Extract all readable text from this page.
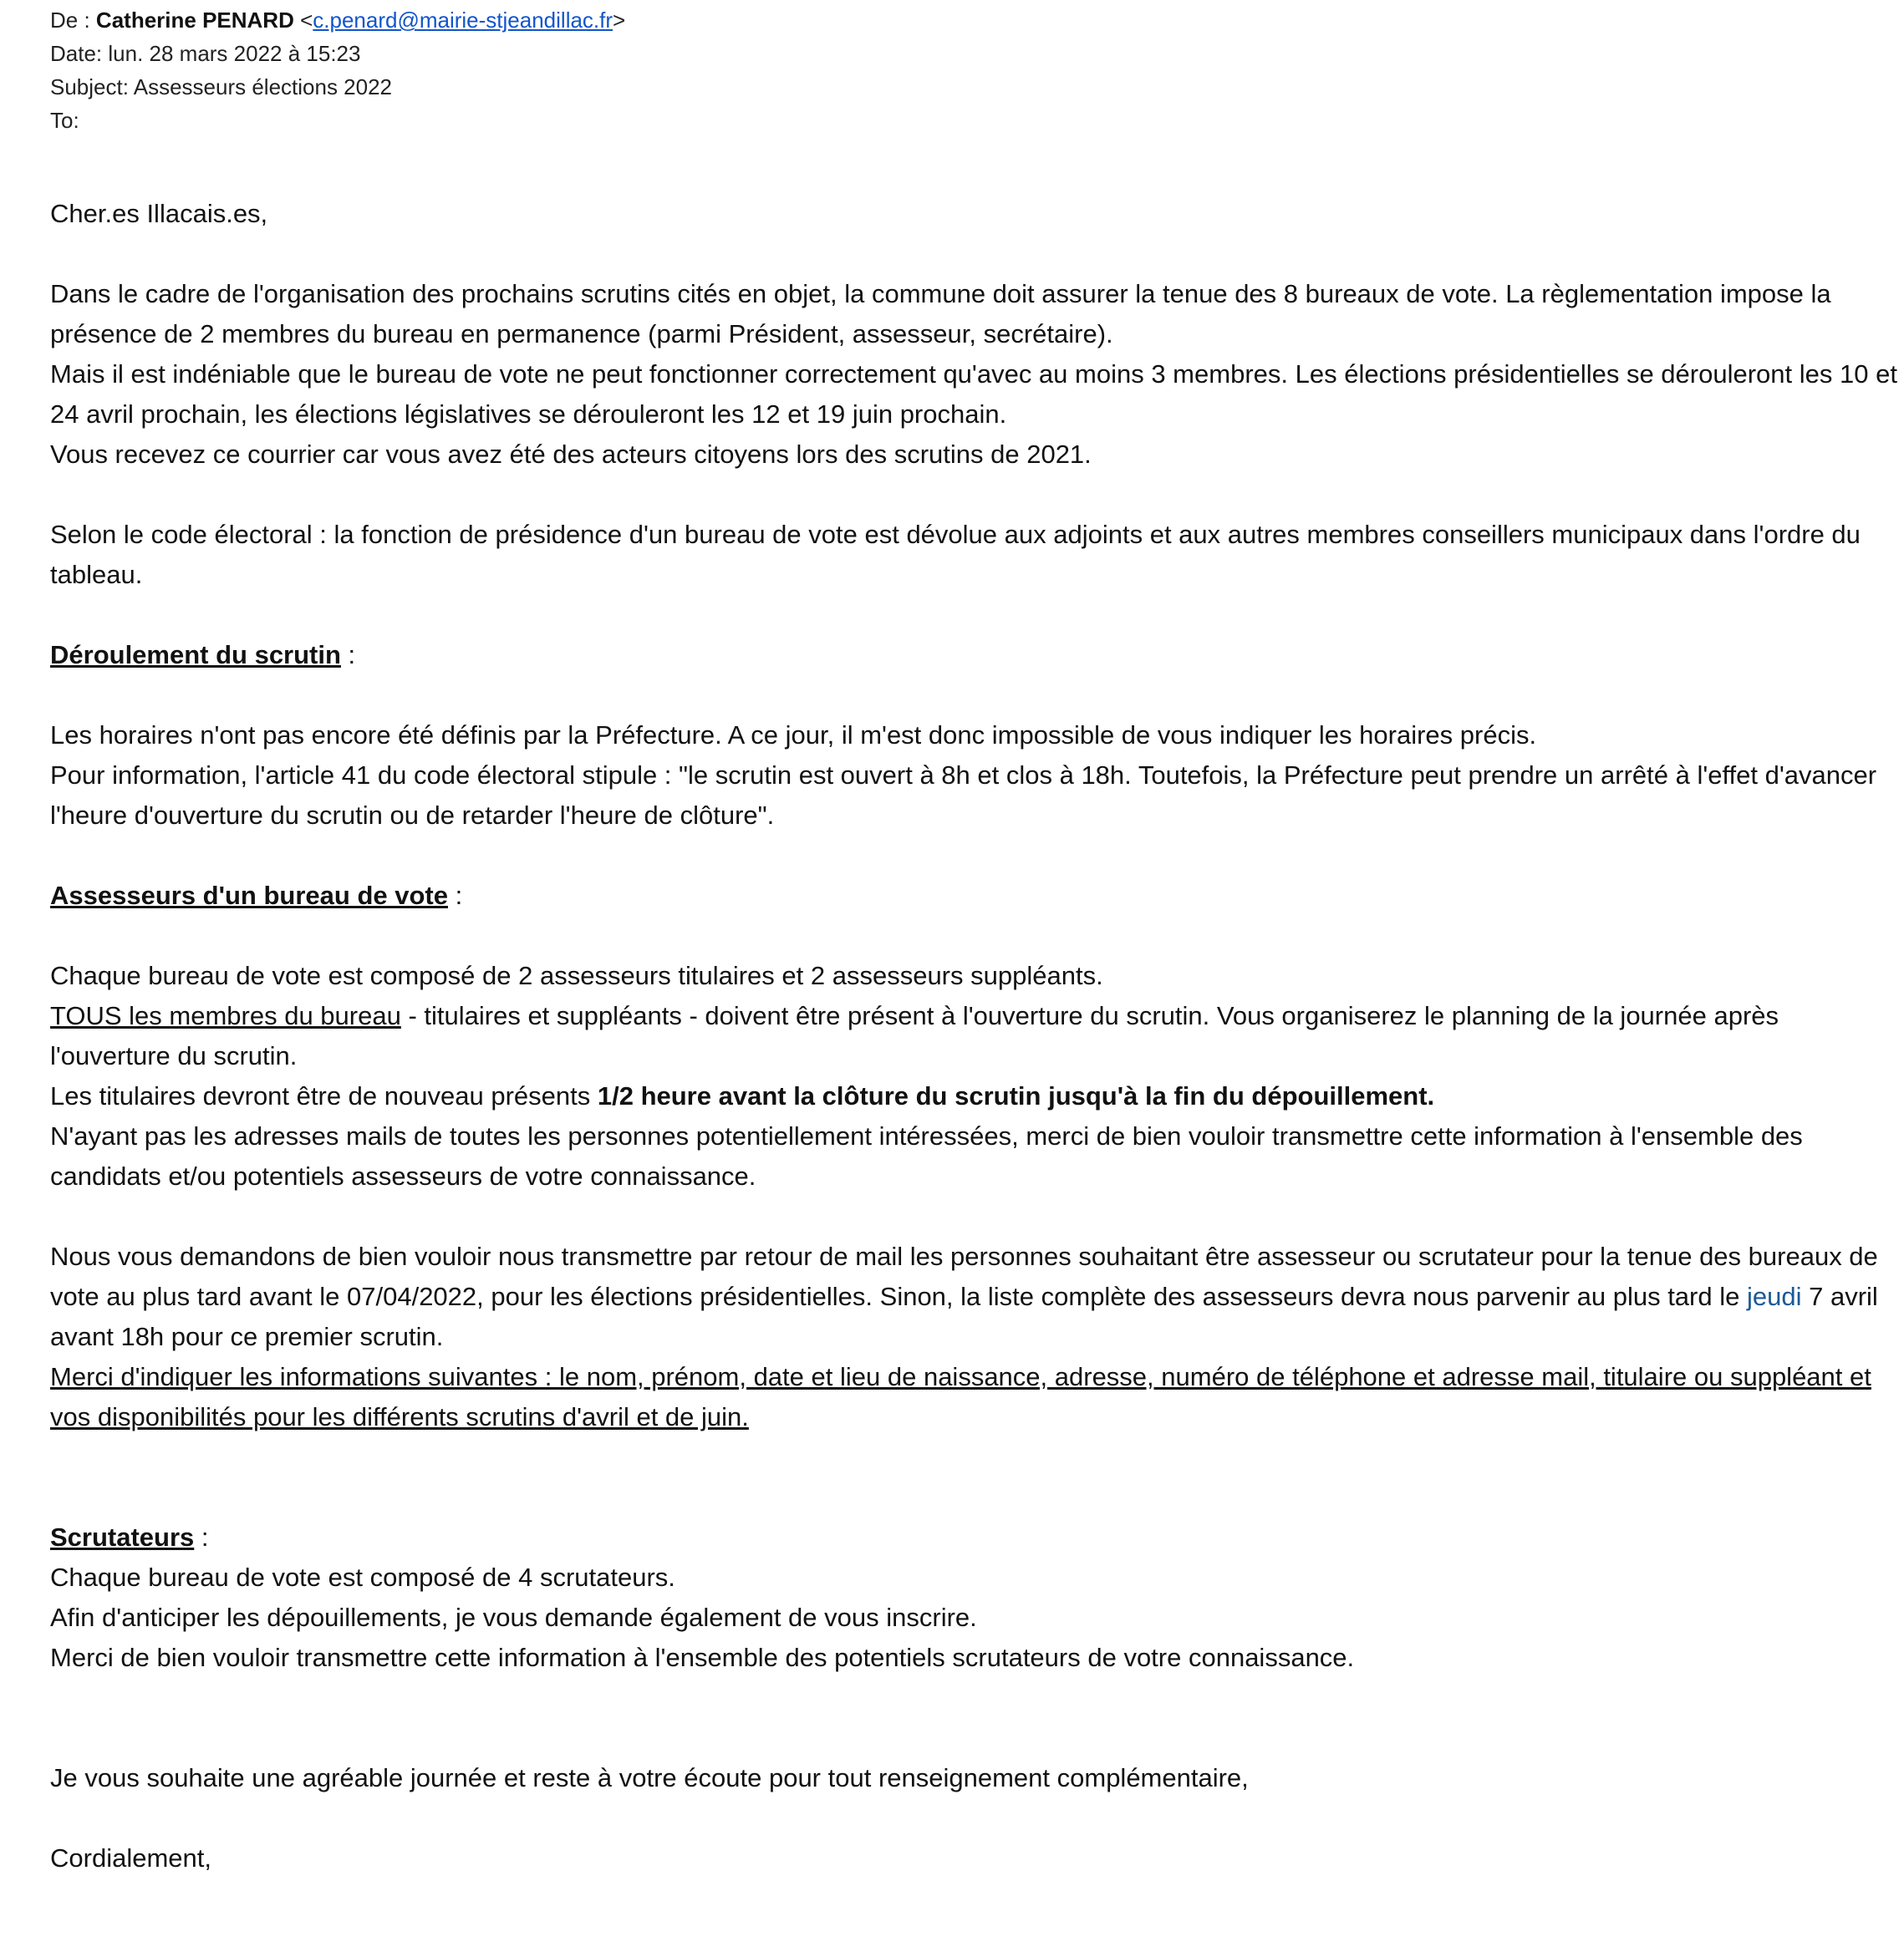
De : Catherine PENARD <c.penard@mairie-stjeandillac.fr>
Date: lun. 28 mars 2022 à 15:23
Subject: Assesseurs élections 2022
To:

Cher.es Illacais.es,

Dans le cadre de l'organisation des prochains scrutins cités en objet, la commune doit assurer la tenue des 8 bureaux de vote. La règlementation impose la présence de 2 membres du bureau en permanence (parmi Président, assesseur, secrétaire).

Mais il est indéniable que le bureau de vote ne peut fonctionner correctement qu'avec au moins 3 membres. Les élections présidentielles se dérouleront les 10 et 24 avril prochain, les élections législatives se dérouleront les 12 et 19 juin prochain.

Vous recevez ce courrier car vous avez été des acteurs citoyens lors des scrutins de 2021.

Selon le code électoral : la fonction de présidence d'un bureau de vote est dévolue aux adjoints et aux autres membres conseillers municipaux dans l'ordre du tableau.

Déroulement du scrutin :

Les horaires n'ont pas encore été définis par la Préfecture. A ce jour, il m'est donc impossible de vous indiquer les horaires précis.

Pour information, l'article 41 du code électoral stipule : "le scrutin est ouvert à 8h et clos à 18h. Toutefois, la Préfecture peut prendre un arrêté à l'effet d'avancer l'heure d'ouverture du scrutin ou de retarder l'heure de clôture".

Assesseurs d'un bureau de vote :

Chaque bureau de vote est composé de 2 assesseurs titulaires et 2 assesseurs suppléants.

TOUS les membres du bureau - titulaires et suppléants - doivent être présent à l'ouverture du scrutin. Vous organiserez le planning de la journée après l'ouverture du scrutin.

Les titulaires devront être de nouveau présents 1/2 heure avant la clôture du scrutin jusqu'à la fin du dépouillement.

N'ayant pas les adresses mails de toutes les personnes potentiellement intéressées, merci de bien vouloir transmettre cette information à l'ensemble des candidats et/ou potentiels assesseurs de votre connaissance.

Nous vous demandons de bien vouloir nous transmettre par retour de mail les personnes souhaitant être assesseur ou scrutateur pour la tenue des bureaux de vote au plus tard avant le 07/04/2022, pour les élections présidentielles. Sinon, la liste complète des assesseurs devra nous parvenir au plus tard le jeudi 7 avril avant 18h pour ce premier scrutin.

Merci d'indiquer les informations suivantes : le nom, prénom, date et lieu de naissance, adresse, numéro de téléphone et adresse mail, titulaire ou suppléant et vos disponibilités pour les différents scrutins d'avril et de juin.

Scrutateurs :

Chaque bureau de vote est composé de 4 scrutateurs.

Afin d'anticiper les dépouillements, je vous demande également de vous inscrire.

Merci de bien vouloir transmettre cette information à l'ensemble des potentiels scrutateurs de votre connaissance.

Je vous souhaite une agréable journée et reste à votre écoute pour tout renseignement complémentaire,

Cordialement,
